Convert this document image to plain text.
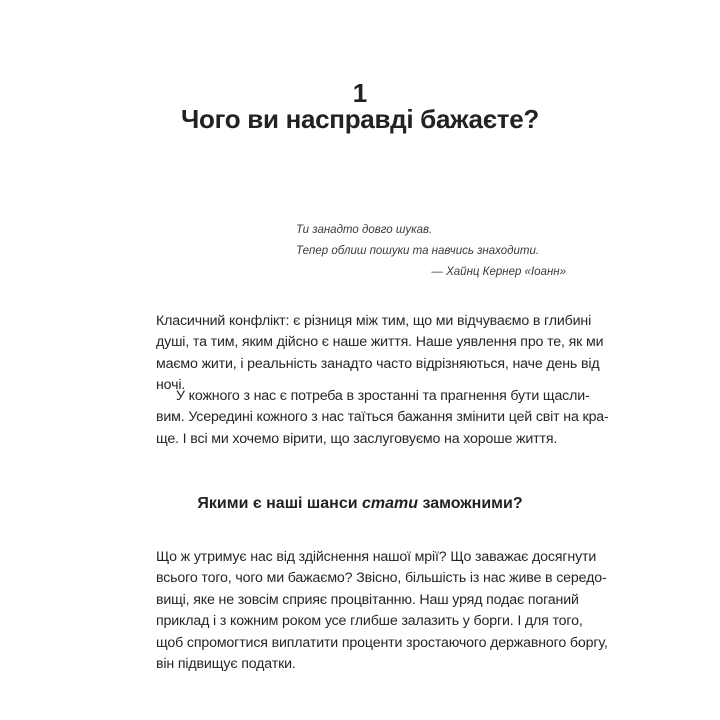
1
Чого ви насправді бажаєте?
Ти занадто довго шукав.
Тепер облиш пошуки та навчись знаходити.
— Хайнц Кернер «Іоанн»
Класичний конфлікт: є різниця між тим, що ми відчуваємо в глибині
душі, та тим, яким дійсно є наше життя. Наше уявлення про те, як ми
маємо жити, і реальність занадто часто відрізняються, наче день від
ночі.
У кожного з нас є потреба в зростанні та прагнення бути щасли-
вим. Усередині кожного з нас таїться бажання змінити цей світ на кра-
ще. І всі ми хочемо вірити, що заслуговуємо на хороше життя.
Якими є наші шанси стати заможними?
Що ж утримує нас від здійснення нашої мрії? Що заважає досягнути
всього того, чого ми бажаємо? Звісно, більшість із нас живе в середо-
вищі, яке не зовсім сприяє процвітанню. Наш уряд подає поганий
приклад і з кожним роком усе глибше залазить у борги. І для того,
щоб спромогтися виплатити проценти зростаючого державного боргу,
він підвищує податки.
